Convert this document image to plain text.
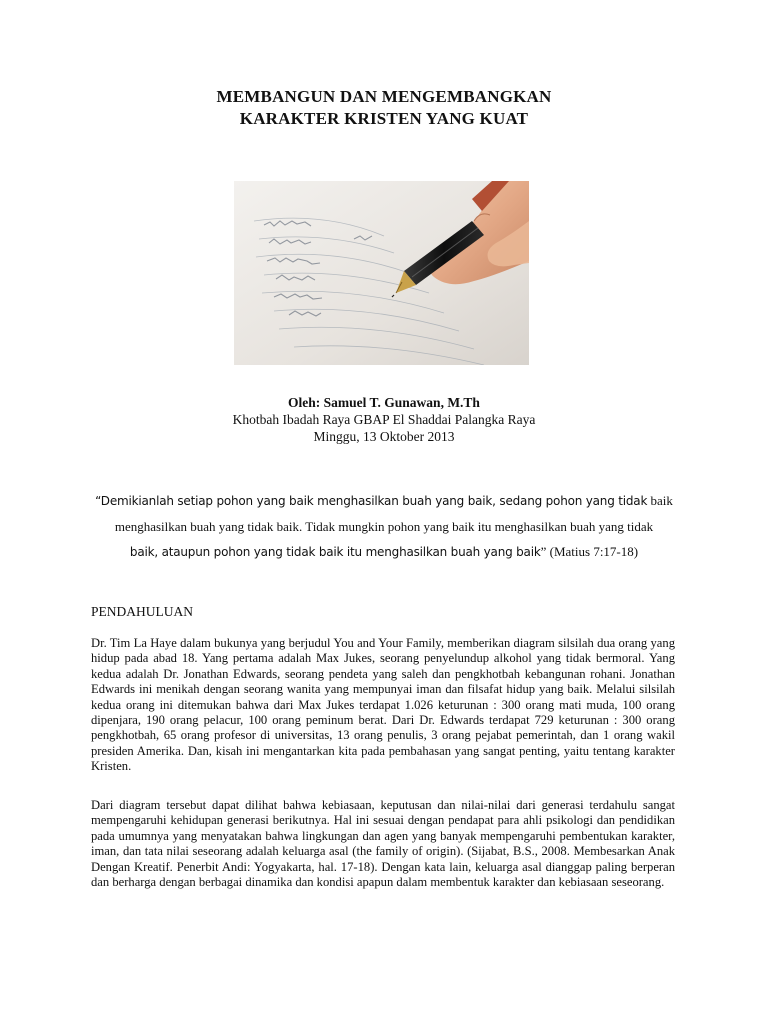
MEMBANGUN DAN MENGEMBANGKAN
KARAKTER KRISTEN YANG KUAT
Oleh: Samuel T. Gunawan, M.Th
Khotbah Ibadah Raya GBAP El Shaddai Palangka Raya
Minggu, 13 Oktober 2013
“Demikianlah setiap pohon yang baik menghasilkan buah yang baik, sedang pohon yang tidak baik
menghasilkan buah yang tidak baik. Tidak mungkin pohon yang baik itu menghasilkan buah yang tidak
baik, ataupun pohon yang tidak baik itu menghasilkan buah yang baik” (Matius 7:17-18)
PENDAHULUAN
Dr. Tim La Haye dalam bukunya yang berjudul You and Your Family, memberikan diagram silsilah dua orang yang hidup pada abad 18. Yang pertama adalah Max Jukes, seorang penyelundup alkohol yang tidak bermoral. Yang kedua adalah Dr. Jonathan Edwards, seorang pendeta yang saleh dan pengkhotbah kebangunan rohani. Jonathan Edwards ini menikah dengan seorang wanita yang mempunyai iman dan filsafat hidup yang baik. Melalui silsilah kedua orang ini ditemukan bahwa dari Max Jukes terdapat 1.026 keturunan : 300 orang mati muda, 100 orang dipenjara, 190 orang pelacur, 100 orang peminum berat. Dari Dr. Edwards terdapat 729 keturunan : 300 orang pengkhotbah, 65 orang profesor di universitas, 13 orang penulis, 3 orang pejabat pemerintah, dan 1 orang wakil presiden Amerika. Dan, kisah ini mengantarkan kita pada pembahasan yang sangat penting, yaitu tentang karakter Kristen.
Dari diagram tersebut dapat dilihat bahwa kebiasaan, keputusan dan nilai-nilai dari generasi terdahulu sangat mempengaruhi kehidupan generasi berikutnya. Hal ini sesuai dengan pendapat para ahli psikologi dan pendidikan pada umumnya yang menyatakan bahwa lingkungan dan agen yang banyak mempengaruhi pembentukan karakter, iman, dan tata nilai seseorang adalah keluarga asal (the family of origin). (Sijabat, B.S., 2008. Membesarkan Anak Dengan Kreatif. Penerbit Andi: Yogyakarta, hal. 17-18). Dengan kata lain, keluarga asal dianggap paling berperan dan berharga dengan berbagai dinamika dan kondisi apapun dalam membentuk karakter dan kebiasaan seseorang.
